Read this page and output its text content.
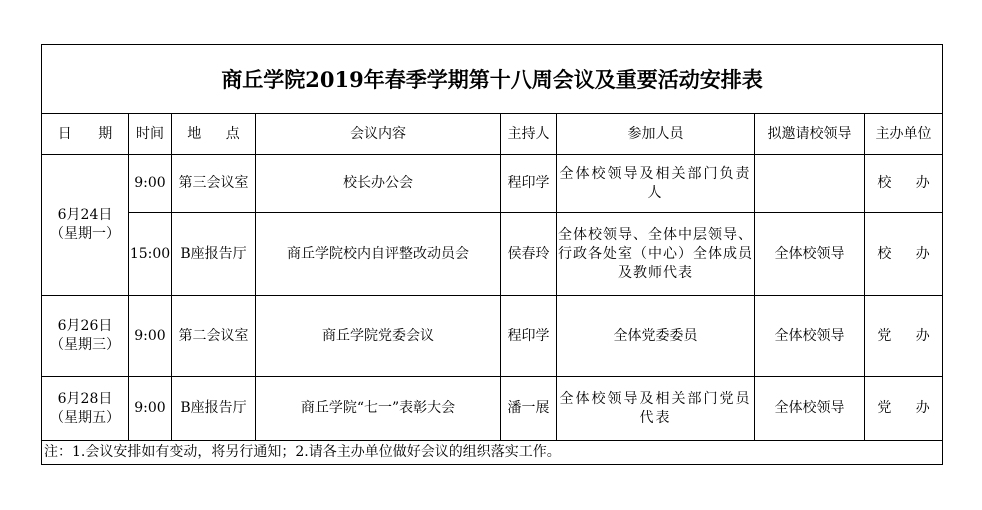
商丘学院2019年春季学期第十八周会议及重要活动安排表							
日 期	时间	地 点	会议内容	主持人	参加人员	拟邀请校领导	主办单位

6月24日
（星期一）	9:00	第三会议室	校长办公会	程印学	全体校领导及相关部门负责人		校 办
	15:00	B座报告厅	商丘学院校内自评整改动员会	侯春玲	全体校领导、全体中层领导、行政各处室（中心）全体成员及教师代表	全体校领导	校 办

6月26日
（星期三）	9:00	第二会议室	商丘学院党委会议	程印学	全体党委委员	全体校领导	党 办

6月28日
（星期五）	9:00	B座报告厅	商丘学院“七一”表彰大会	潘一展	全体校领导及相关部门党员代表	全体校领导	党 办
注：1.会议安排如有变动，将另行通知；2.请各主办单位做好会议的组织落实工作。							
